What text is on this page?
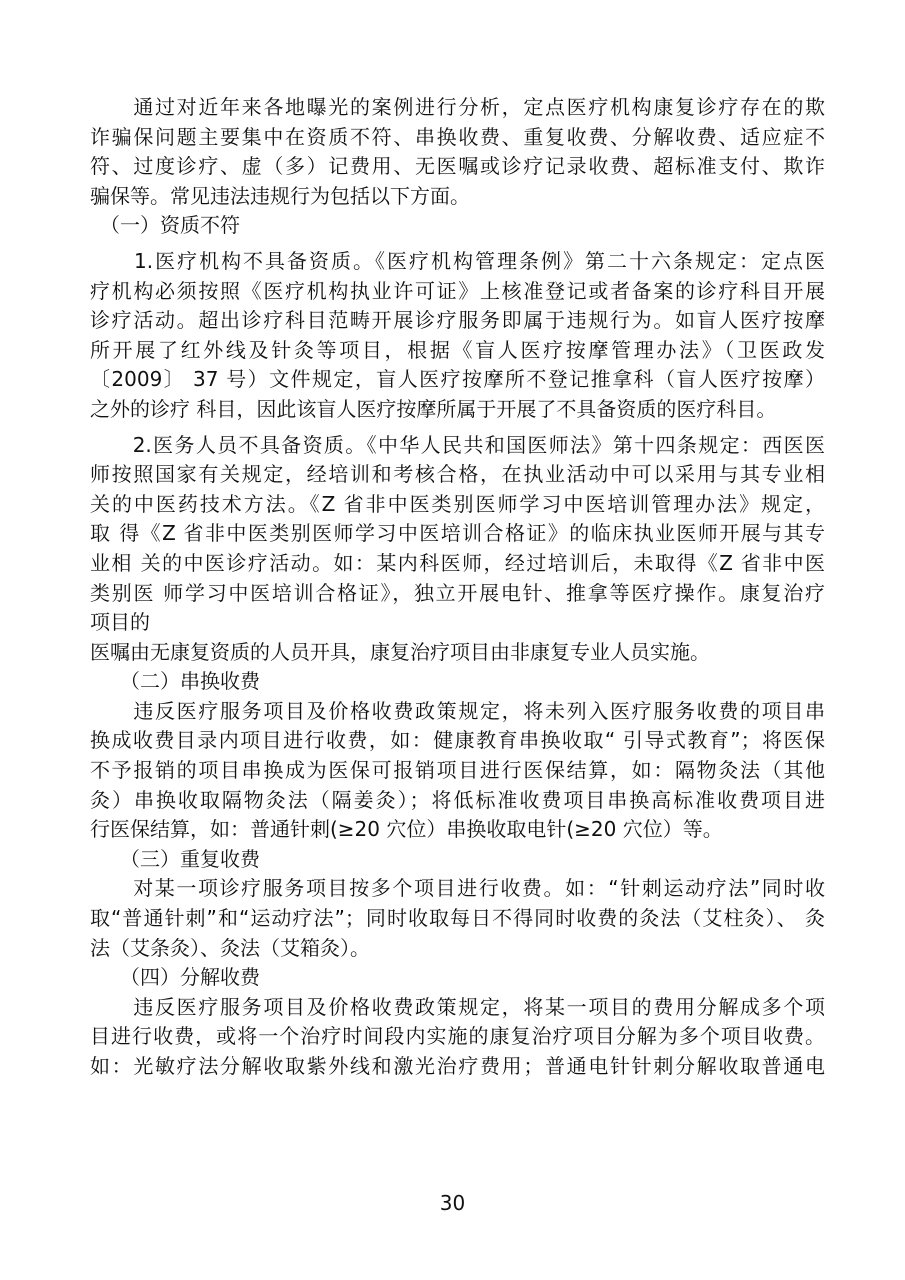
　　通过对近年来各地曝光的案例进行分析，定点医疗机构康复诊疗存在的欺
诈骗保问题主要集中在资质不符、串换收费、重复收费、分解收费、适应症不
符、过度诊疗、虚（多）记费用、无医嘱或诊疗记录收费、超标准支付、欺诈
骗保等。常见违法违规行为包括以下方面。
　（一）资质不符
　　1.医疗机构不具备资质。《医疗机构管理条例》第二十六条规定：定点医
疗机构必须按照《医疗机构执业许可证》上核准登记或者备案的诊疗科目开展
诊疗活动。超出诊疗科目范畴开展诊疗服务即属于违规行为。如盲人医疗按摩
所开展了红外线及针灸等项目，根据《盲人医疗按摩管理办法》（卫医政发
〔2009〕 37 号）文件规定，盲人医疗按摩所不登记推拿科（盲人医疗按摩）
之外的诊疗 科目，因此该盲人医疗按摩所属于开展了不具备资质的医疗科目。
　　2.医务人员不具备资质。《中华人民共和国医师法》第十四条规定：西医医
师按照国家有关规定，经培训和考核合格，在执业活动中可以采用与其专业相
关的中医药技术方法。《Z 省非中医类别医师学习中医培训管理办法》规定，
取 得《Z 省非中医类别医师学习中医培训合格证》的临床执业医师开展与其专
业相 关的中医诊疗活动。如：某内科医师，经过培训后，未取得《Z 省非中医
类别医 师学习中医培训合格证》，独立开展电针、推拿等医疗操作。康复治疗
项目的
医嘱由无康复资质的人员开具，康复治疗项目由非康复专业人员实施。
　　（二）串换收费
　　违反医疗服务项目及价格收费政策规定，将未列入医疗服务收费的项目串
换成收费目录内项目进行收费，如：健康教育串换收取“ 引导式教育”；将医保
不予报销的项目串换成为医保可报销项目进行医保结算，如：隔物灸法（其他
灸）串换收取隔物灸法（隔姜灸）；将低标准收费项目串换高标准收费项目进
行医保结算，如：普通针刺(≥20 穴位）串换收取电针(≥20 穴位）等。
　　（三）重复收费
　　对某一项诊疗服务项目按多个项目进行收费。如：“针刺运动疗法”同时收
取“普通针刺”和“运动疗法”；同时收取每日不得同时收费的灸法（艾柱灸）、 灸
法（艾条灸）、灸法（艾箱灸）。
　　（四）分解收费
　　违反医疗服务项目及价格收费政策规定，将某一项目的费用分解成多个项
目进行收费，或将一个治疗时间段内实施的康复治疗项目分解为多个项目收费。
如：光敏疗法分解收取紫外线和激光治疗费用；普通电针针刺分解收取普通电
30
